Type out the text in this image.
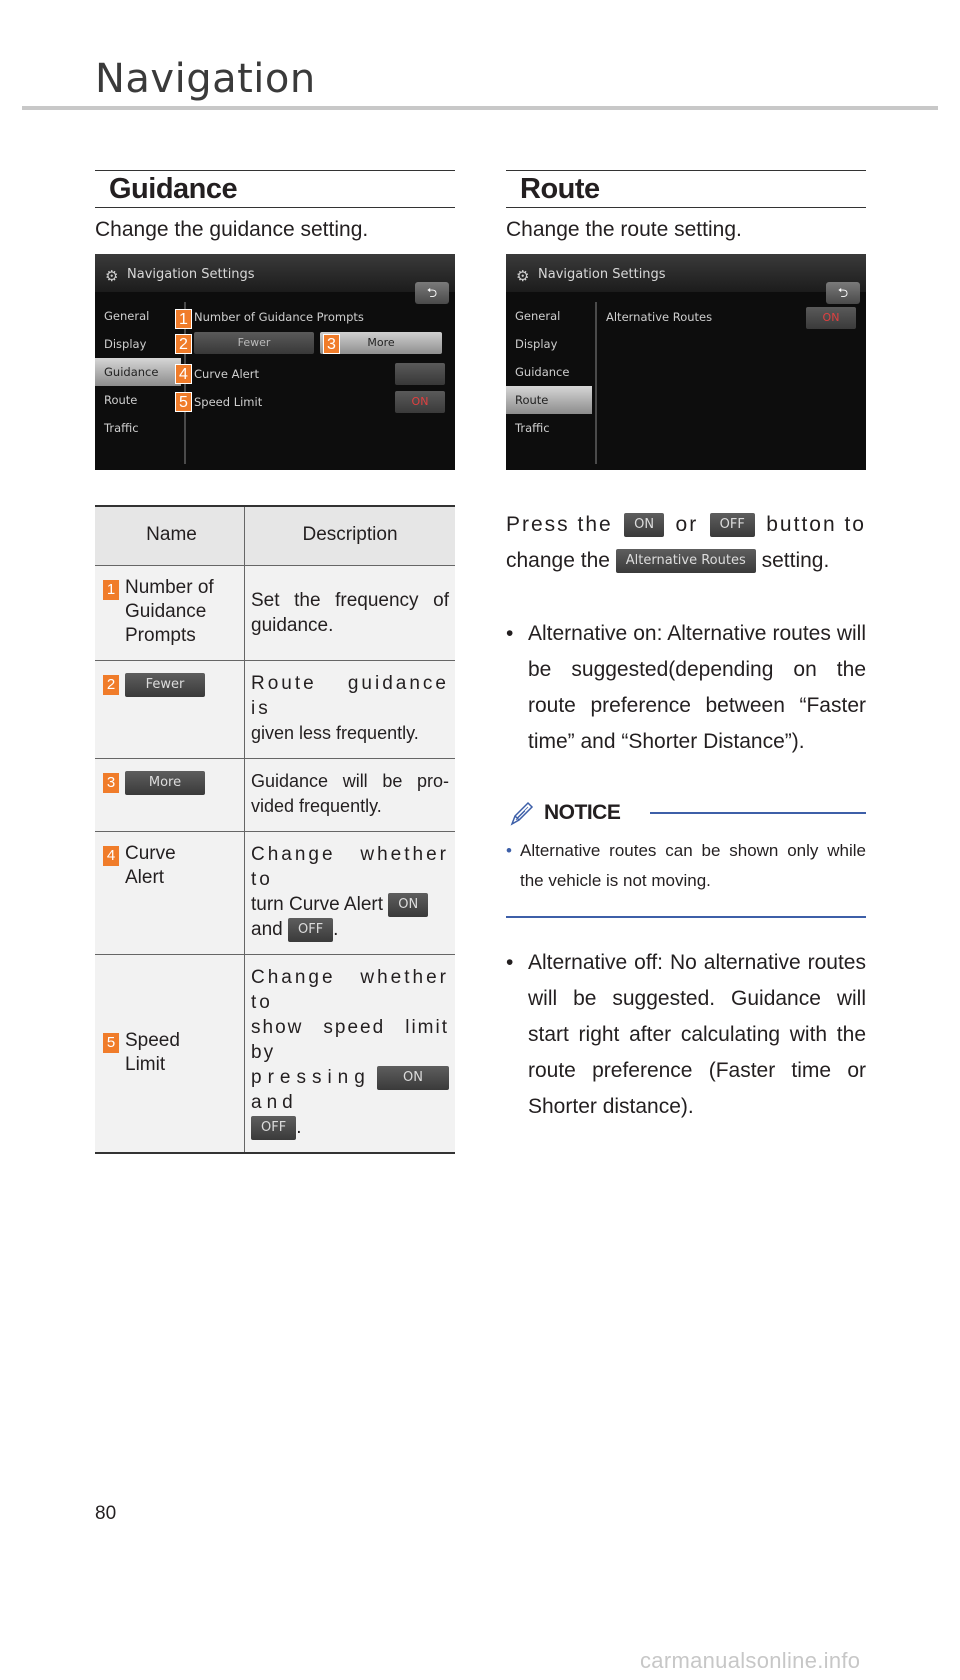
Navigation
Guidance
Change the guidance setting.
⚙ Navigation Settings
⮌
General
Display
Guidance
Route
Traffic
Number of Guidance Prompts
Fewer	More
Curve Alert
Speed Limit	ON
1
2	3
4
5
Name	Description

1 Number of Guidance Prompts	Set the frequency of guidance.

2 Fewer	Route guidance is
given less frequently.

3 More	Guidance will be pro-vided frequently.

4 Curve Alert	Change whether to
turn Curve Alert ON
and OFF .

5 Speed Limit	Change whether to
show speed limit by
pressing ON and
OFF .
Route
Change the route setting.
⚙ Navigation Settings
⮌
General
Display
Guidance
Route
Traffic
Alternative Routes	ON
Press the	ON	or	OFF	button to
change the Alternative Routes setting.
• Alternative on: Alternative routes will be suggested(depending on the route preference between “Faster time” and “Shorter Distance”).
NOTICE
• Alternative routes can be shown only while the vehicle is not moving.
• Alternative off: No alternative routes will be suggested. Guidance will start right after calculating with the route preference (Faster time or Shorter distance).
80
carmanualsonline.info
